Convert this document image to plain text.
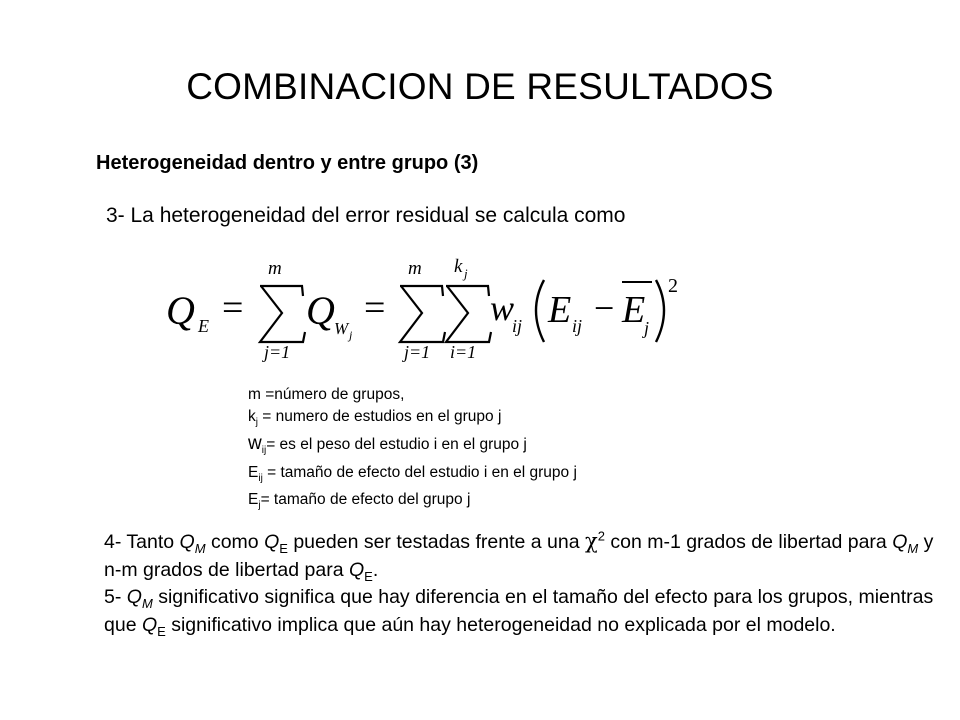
COMBINACION DE RESULTADOS
Heterogeneidad dentro y entre grupo (3)
3- La heterogeneidad del error residual se calcula como
Q E =
m
j=1
Q W j
=
m
j=1
k j
i=1
w
ij E ij − E
j
2
m =número de grupos,
$k_j$ = numero de estudios en el grupo j
$w_{ij}=$ es el peso del estudio i en el grupo j
$E_{ij}$ = tamaño de efecto del estudio i en el grupo j
$E_j=$ tamaño de efecto del grupo j

4- Tanto $Q_M$ como $Q_E$ pueden ser testadas frente a una $\chi^2$ con m-1 grados de libertad para $Q_M$ y n-m grados de libertad para $Q_E$.

5- $Q_M$ significativo significa que hay diferencia en el tamaño del efecto para los grupos, mientras que $Q_E$ significativo implica que aún hay heterogeneidad no explicada por el modelo.
